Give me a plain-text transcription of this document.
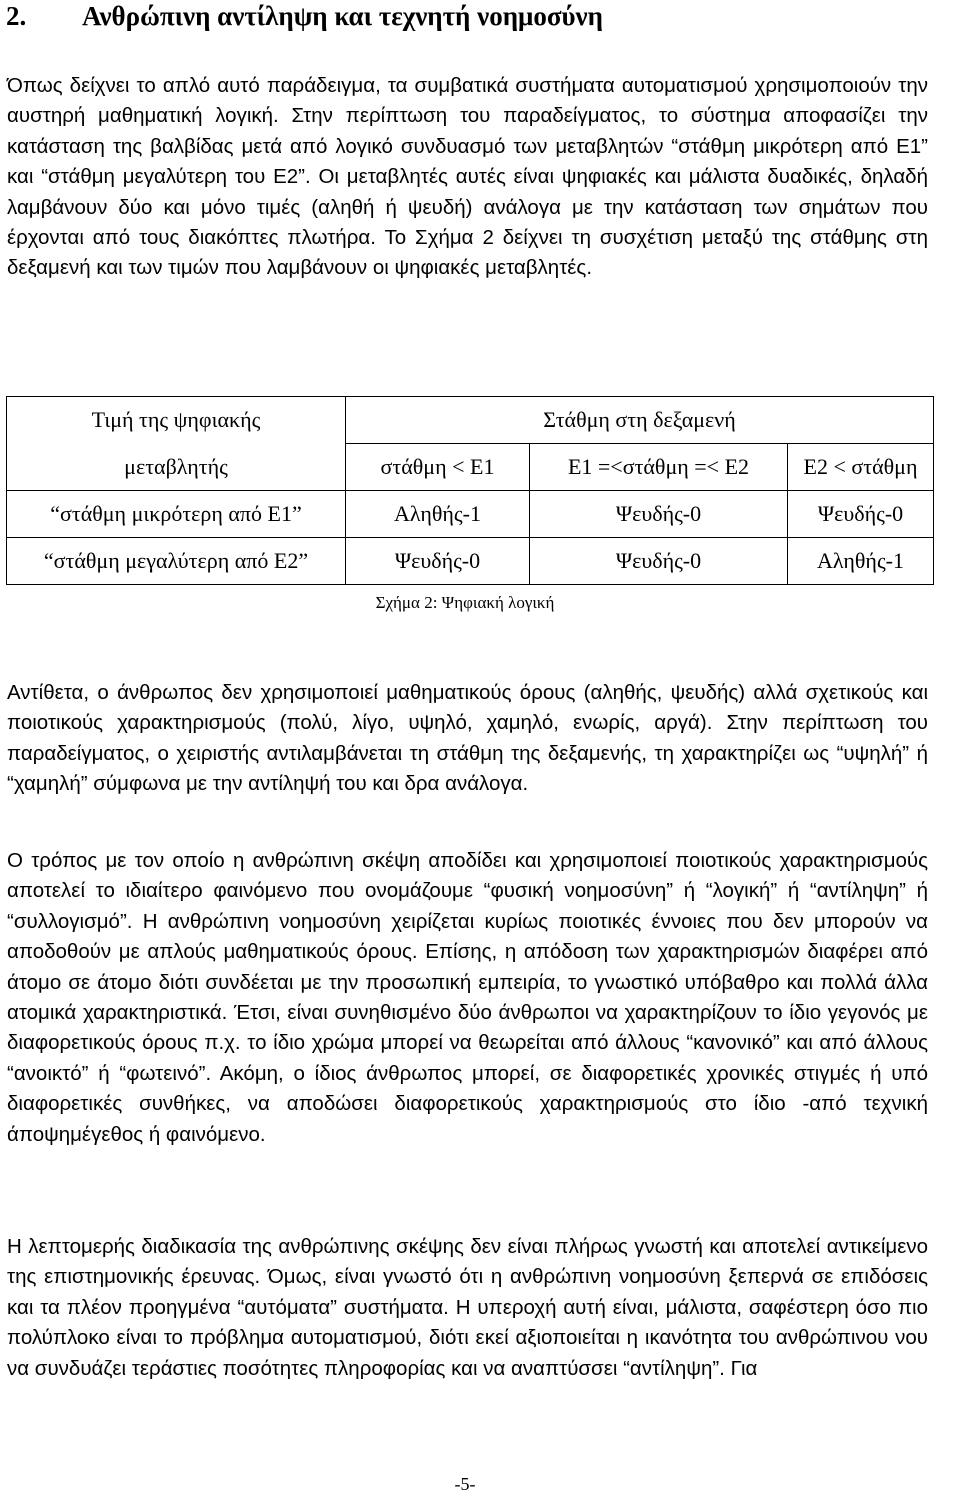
2. Ανθρώπινη αντίληψη και τεχνητή νοημοσύνη

Όπως δείχνει το απλό αυτό παράδειγμα, τα συμβατικά συστήματα αυτοματισμού χρησιμοποιούν την αυστηρή μαθηματική λογική. Στην περίπτωση του παραδείγματος, το σύστημα αποφασίζει την κατάσταση της βαλβίδας μετά από λογικό συνδυασμό των μεταβλητών “στάθμη μικρότερη από Ε1” και “στάθμη μεγαλύτερη του Ε2”. Οι μεταβλητές αυτές είναι ψηφιακές και μάλιστα δυαδικές, δηλαδή λαμβάνουν δύο και μόνο τιμές (αληθή ή ψευδή) ανάλογα με την κατάσταση των σημάτων που έρχονται από τους διακόπτες πλωτήρα. Το Σχήμα 2 δείχνει τη συσχέτιση μεταξύ της στάθμης στη δεξαμενή και των τιμών που λαμβάνουν οι ψηφιακές μεταβλητές.

Τιμή της ψηφιακής	Στάθμη στη δεξαμενή		
μεταβλητής	στάθμη < Ε1	Ε1 =<στάθμη =< Ε2	Ε2 < στάθμη
“στάθμη μικρότερη από Ε1”	Αληθής-1	Ψευδής-0	Ψευδής-0
“στάθμη μεγαλύτερη από Ε2”	Ψευδής-0	Ψευδής-0	Αληθής-1
Σχήμα 2: Ψηφιακή λογική

Αντίθετα, ο άνθρωπος δεν χρησιμοποιεί μαθηματικούς όρους (αληθής, ψευδής) αλλά σχετικούς και ποιοτικούς χαρακτηρισμούς (πολύ, λίγο, υψηλό, χαμηλό, ενωρίς, αργά). Στην περίπτωση του παραδείγματος, ο χειριστής αντιλαμβάνεται τη στάθμη της δεξαμενής, τη χαρακτηρίζει ως “υψηλή” ή “χαμηλή” σύμφωνα με την αντίληψή του και δρα ανάλογα.

Ο τρόπος με τον οποίο η ανθρώπινη σκέψη αποδίδει και χρησιμοποιεί ποιοτικούς χαρακτηρισμούς αποτελεί το ιδιαίτερο φαινόμενο που ονομάζουμε “φυσική νοημοσύνη” ή “λογική” ή “αντίληψη” ή “συλλογισμό”. Η ανθρώπινη νοημοσύνη χειρίζεται κυρίως ποιοτικές έννοιες που δεν μπορούν να αποδοθούν με απλούς μαθηματικούς όρους. Επίσης, η απόδοση των χαρακτηρισμών διαφέρει από άτομο σε άτομο διότι συνδέεται με την προσωπική εμπειρία, το γνωστικό υπόβαθρο και πολλά άλλα ατομικά χαρακτηριστικά. Έτσι, είναι συνηθισμένο δύο άνθρωποι να χαρακτηρίζουν το ίδιο γεγονός με διαφορετικούς όρους π.χ. το ίδιο χρώμα μπορεί να θεωρείται από άλλους “κανονικό” και από άλλους “ανοικτό” ή “φωτεινό”. Ακόμη, ο ίδιος άνθρωπος μπορεί, σε διαφορετικές χρονικές στιγμές ή υπό διαφορετικές συνθήκες, να αποδώσει διαφορετικούς χαρακτηρισμούς στο ίδιο -από τεχνική άποψημέγεθος ή φαινόμενο.

Η λεπτομερής διαδικασία της ανθρώπινης σκέψης δεν είναι πλήρως γνωστή και αποτελεί αντικείμενο της επιστημονικής έρευνας. Όμως, είναι γνωστό ότι η ανθρώπινη νοημοσύνη ξεπερνά σε επιδόσεις και τα πλέον προηγμένα “αυτόματα” συστήματα. Η υπεροχή αυτή είναι, μάλιστα, σαφέστερη όσο πιο πολύπλοκο είναι το πρόβλημα αυτοματισμού, διότι εκεί αξιοποιείται η ικανότητα του ανθρώπινου νου να συνδυάζει τεράστιες ποσότητες πληροφορίας και να αναπτύσσει “αντίληψη”. Για

-5-
